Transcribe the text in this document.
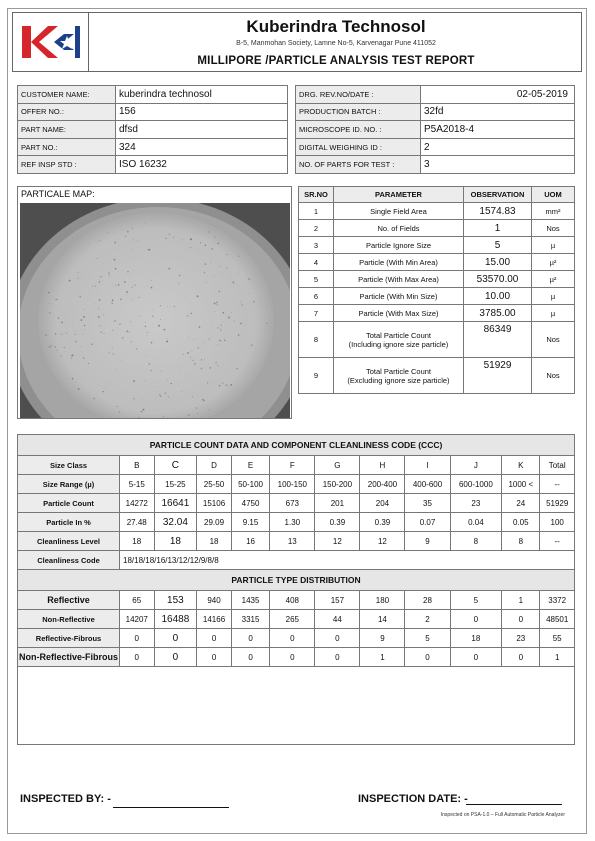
Kuberindra Technosol
B-5, Manmohan Society, Lamne No-5, Karvenagar Pune 411052
MILLIPORE /PARTICLE ANALYSIS TEST REPORT
CUSTOMER NAME:	kuberindra technosol
OFFER NO.:	156
PART NAME:	dfsd
PART NO.:	324
REF INSP STD :	ISO 16232
DRG. REV.NO/DATE :	02-05-2019
PRODUCTION BATCH :	32fd
MICROSCOPE ID. NO. :	P5A2018-4
DIGITAL WEIGHING ID :	2
NO. OF PARTS FOR TEST :	3
PARTICALE MAP:	SR.NO	PARAMETER	OBSERVATION	UOM
1	Single Field Area	1574.83	mm²
2	No. of Fields	1	Nos
3	Particle Ignore Size	5	µ
4	Particle (With Min Area)	15.00	µ²
5	Particle (With Max Area)	53570.00	µ²
6	Particle (With Min Size)	10.00	µ
7	Particle (With Max Size)	3785.00	µ
8	Total Particle Count
(Including ignore size particle)	86349	Nos
9	Total Particle Count
(Excluding ignore size particle)	51929	Nos
PARTICLE COUNT DATA AND COMPONENT CLEANLINESS CODE (CCC)											
Size Class	B	C	D	E	F	G	H	I	J	K	Total
Size Range (µ)	5-15	15-25	25-50	50-100	100-150	150-200	200-400	400-600	600-1000	1000 <	--
Particle Count	14272	16641	15106	4750	673	201	204	35	23	24	51929
Particle In %	27.48	32.04	29.09	9.15	1.30	0.39	0.39	0.07	0.04	0.05	100
Cleanliness Level	18	18	18	16	13	12	12	9	8	8	--
Cleanliness Code	18/18/18/16/13/12/12/9/8/8										
PARTICLE TYPE DISTRIBUTION											
Reflective	65	153	940	1435	408	157	180	28	5	1	3372
Non-Reflective	14207	16488	14166	3315	265	44	14	2	0	0	48501
Reflective-Fibrous	0	0	0	0	0	0	9	5	18	23	55
Non-Reflective-Fibrous	0	0	0	0	0	0	1	0	0	0	1

INSPECTED BY: -	INSPECTION DATE: -
Inspected on PSA-1.0 – Full Automatic Particle Analyzer
